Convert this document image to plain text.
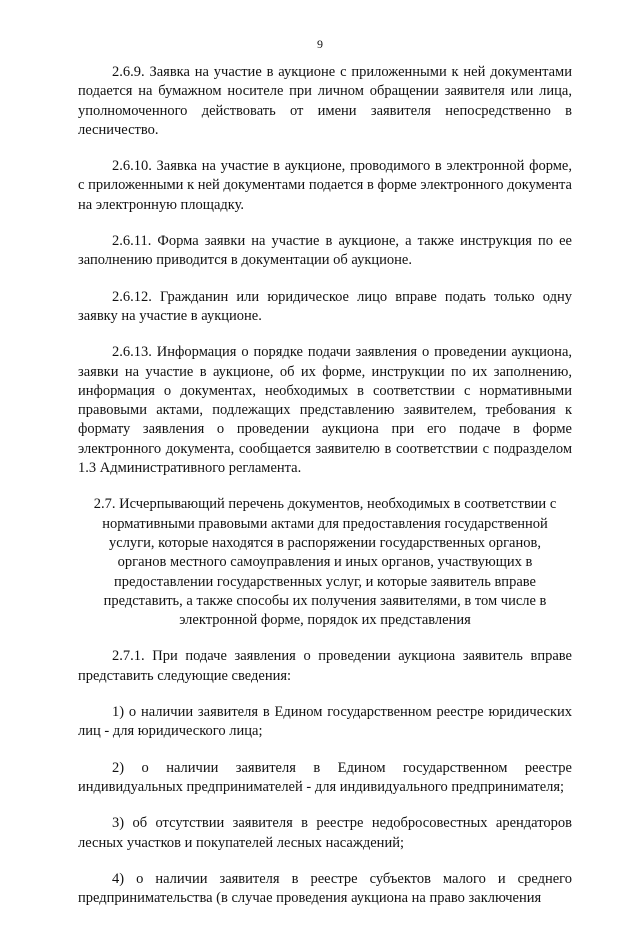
9

2.6.9. Заявка на участие в аукционе с приложенными к ней документами подается на бумажном носителе при личном обращении заявителя или лица, уполномоченного действовать от имени заявителя непосредственно в лесничество.

2.6.10. Заявка на участие в аукционе, проводимого в электронной форме, с приложенными к ней документами подается в форме электронного документа на электронную площадку.

2.6.11. Форма заявки на участие в аукционе, а также инструкция по ее заполнению приводится в документации об аукционе.

2.6.12. Гражданин или юридическое лицо вправе подать только одну заявку на участие в аукционе.

2.6.13. Информация о порядке подачи заявления о проведении аукциона, заявки на участие в аукционе, об их форме, инструкции по их заполнению, информация о документах, необходимых в соответствии с нормативными правовыми актами, подлежащих представлению заявителем, требования к формату заявления о проведении аукциона при его подаче в форме электронного документа, сообщается заявителю в соответствии с подразделом 1.3 Административного регламента.

2.7. Исчерпывающий перечень документов, необходимых в соответствии с нормативными правовыми актами для предоставления государственной услуги, которые находятся в распоряжении государственных органов, органов местного самоуправления и иных органов, участвующих в предоставлении государственных услуг, и которые заявитель вправе представить, а также способы их получения заявителями, в том числе в электронной форме, порядок их представления

2.7.1. При подаче заявления о проведении аукциона заявитель вправе представить следующие сведения:

1) о наличии заявителя в Едином государственном реестре юридических лиц - для юридического лица;

2) о наличии заявителя в Едином государственном реестре индивидуальных предпринимателей - для индивидуального предпринимателя;

3) об отсутствии заявителя в реестре недобросовестных арендаторов лесных участков и покупателей лесных насаждений;

4) о наличии заявителя в реестре субъектов малого и среднего предпринимательства (в случае проведения аукциона на право заключения
